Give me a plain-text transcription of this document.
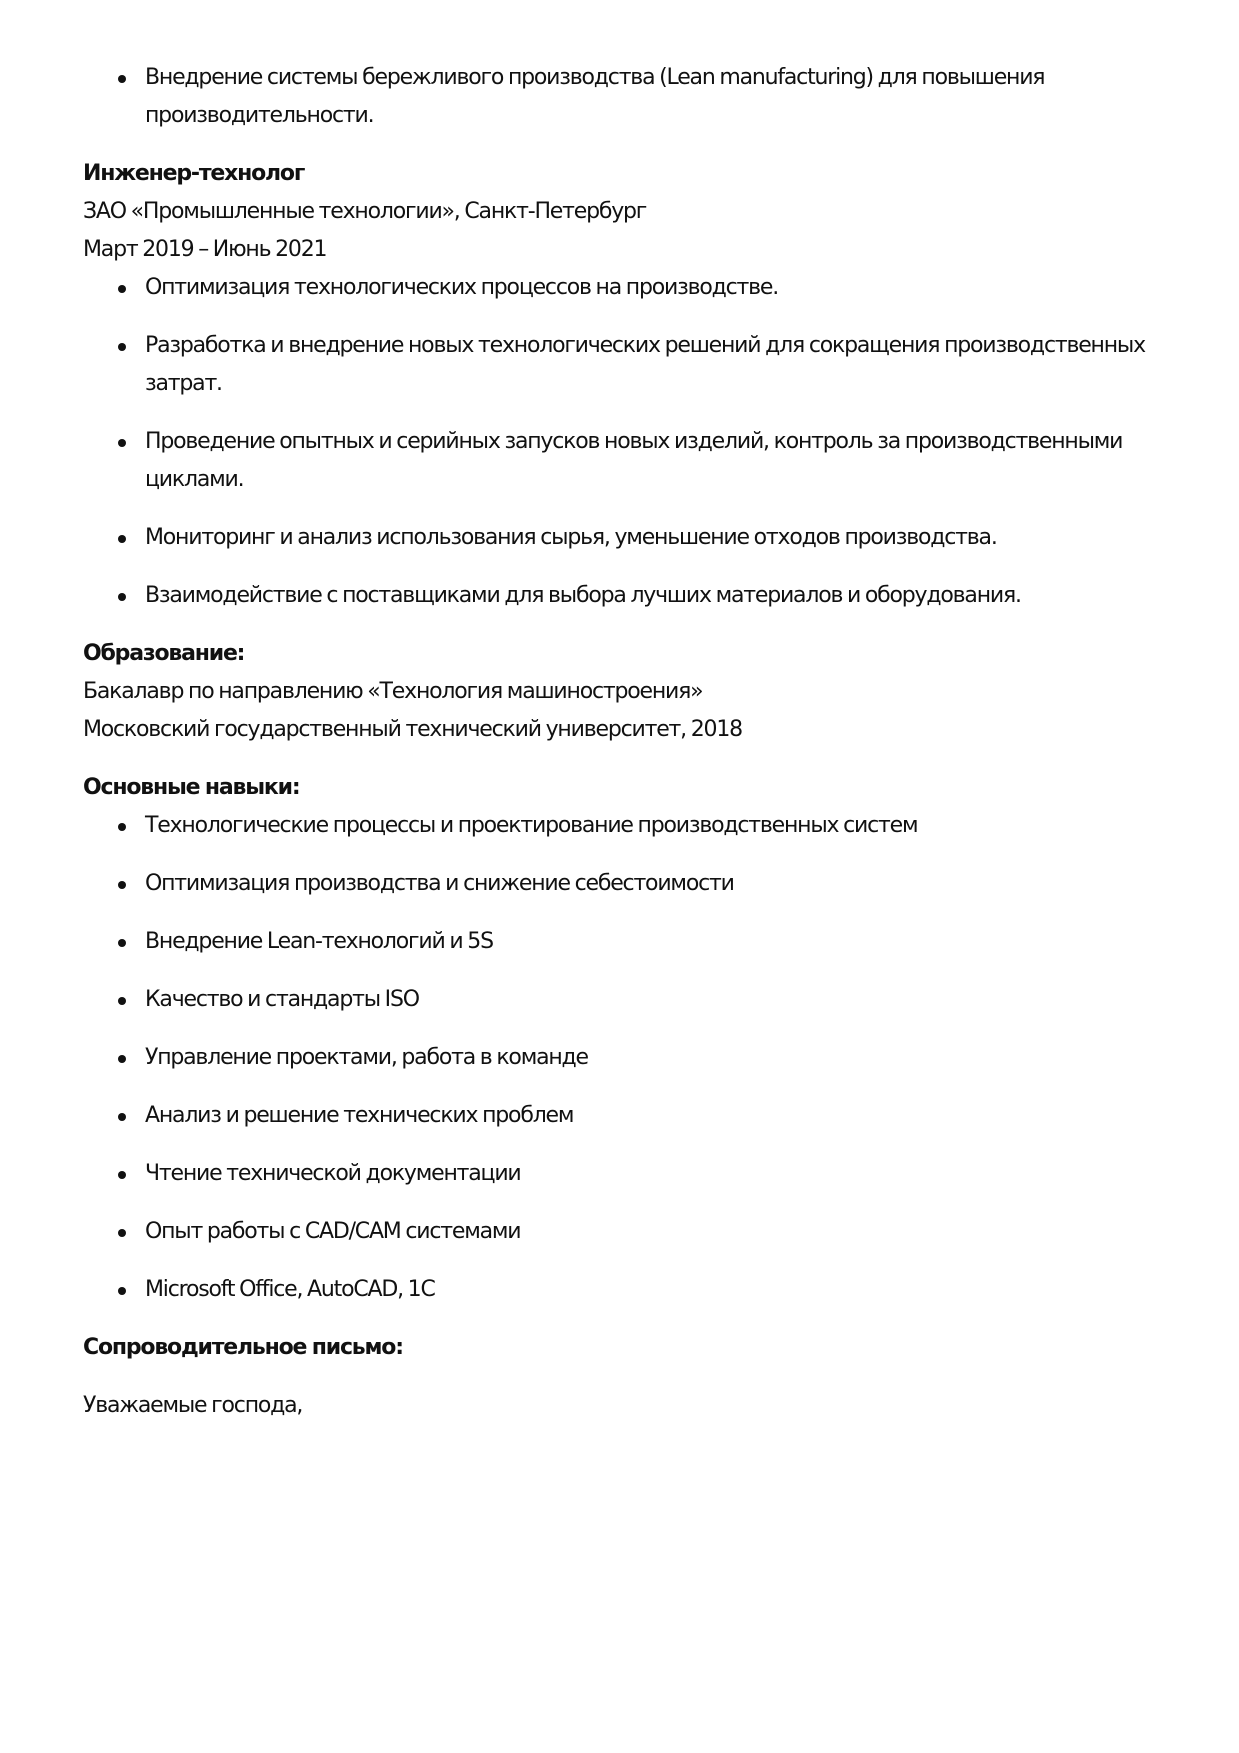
Внедрение системы бережливого производства (Lean manufacturing) для повышения производительности.
Инженер-технолог
ЗАО «Промышленные технологии», Санкт-Петербург
Март 2019 – Июнь 2021
Оптимизация технологических процессов на производстве.
Разработка и внедрение новых технологических решений для сокращения производственных затрат.
Проведение опытных и серийных запусков новых изделий, контроль за производственными циклами.
Мониторинг и анализ использования сырья, уменьшение отходов производства.
Взаимодействие с поставщиками для выбора лучших материалов и оборудования.
Образование:
Бакалавр по направлению «Технология машиностроения»
Московский государственный технический университет, 2018
Основные навыки:
Технологические процессы и проектирование производственных систем
Оптимизация производства и снижение себестоимости
Внедрение Lean-технологий и 5S
Качество и стандарты ISO
Управление проектами, работа в команде
Анализ и решение технических проблем
Чтение технической документации
Опыт работы с CAD/CAM системами
Microsoft Office, AutoCAD, 1С
Сопроводительное письмо:
Уважаемые господа,
